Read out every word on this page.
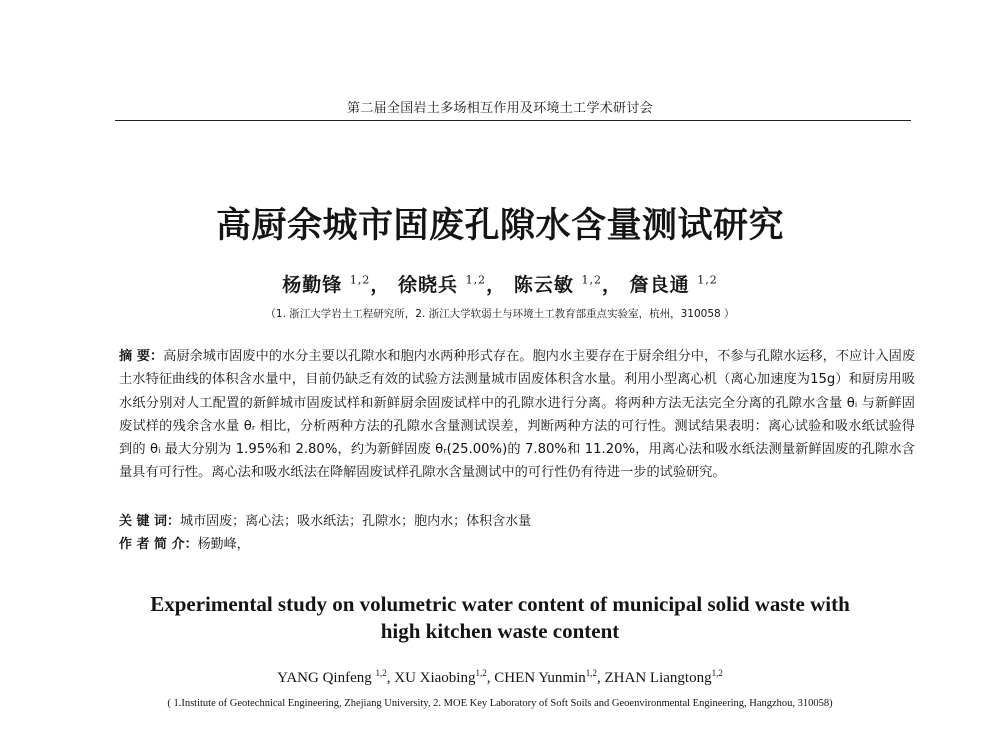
第二届全国岩土多场相互作用及环境土工学术研讨会
高厨余城市固废孔隙水含量测试研究
杨勤锋 $^{1,2}$， 徐晓兵 $^{1,2}$， 陈云敏 $^{1,2}$， 詹良通 $^{1,2}$
（1. 浙江大学岩土工程研究所，2. 浙江大学软弱土与环境土工教育部重点实验室，杭州，310058 ）
摘 要：高厨余城市固废中的水分主要以孔隙水和胞内水两种形式存在。胞内水主要存在于厨余组分中，不参与孔隙水运移，不应计入固废土水特征曲线的体积含水量中，目前仍缺乏有效的试验方法测量城市固废体积含水量。利用小型离心机（离心加速度为15g）和厨房用吸水纸分别对人工配置的新鲜城市固废试样和新鲜厨余固废试样中的孔隙水进行分离。将两种方法无法完全分离的孔隙水含量 θᵢ 与新鲜固废试样的残余含水量 θᵣ 相比，分析两种方法的孔隙水含量测试误差，判断两种方法的可行性。测试结果表明：离心试验和吸水纸试验得到的 θᵢ 最大分别为 1.95%和 2.80%，约为新鲜固废 θᵣ(25.00%)的 7.80%和 11.20%，用离心法和吸水纸法测量新鲜固废的孔隙水含量具有可行性。离心法和吸水纸法在降解固废试样孔隙水含量测试中的可行性仍有待进一步的试验研究。
关 键 词：城市固废；离心法；吸水纸法；孔隙水；胞内水；体积含水量
作 者 简 介：杨勤峰，
Experimental study on volumetric water content of municipal solid waste with
high kitchen waste content
YANG Qinfeng $^{1,2}$, XU Xiaobing$^{1,2}$, CHEN Yunmin$^{1,2}$, ZHAN Liangtong$^{1,2}$
( 1.Institute of Geotechnical Engineering, Zhejiang University, 2. MOE Key Laboratory of Soft Soils and Geoenvironmental Engineering, Hangzhou, 310058)
